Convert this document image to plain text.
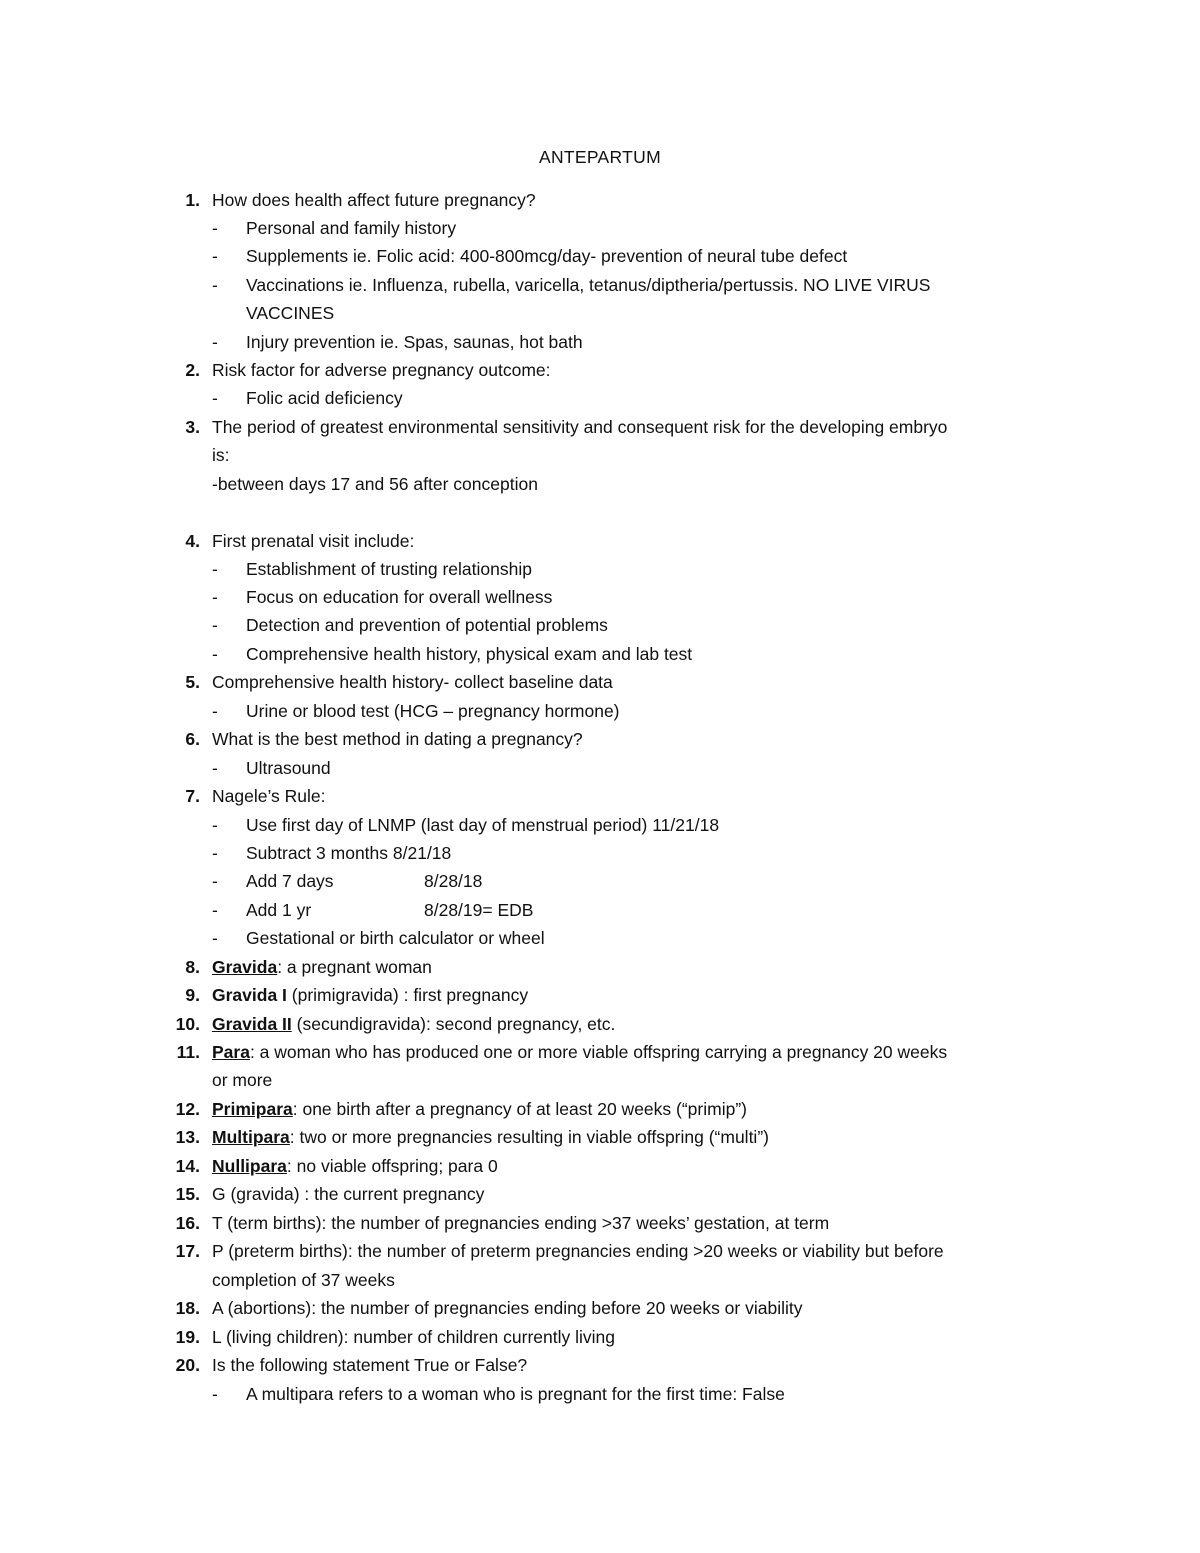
ANTEPARTUM
1. How does health affect future pregnancy?
- Personal and family history
- Supplements ie. Folic acid: 400-800mcg/day- prevention of neural tube defect
- Vaccinations ie. Influenza, rubella, varicella, tetanus/diptheria/pertussis. NO LIVE VIRUS
VACCINES
- Injury prevention ie. Spas, saunas, hot bath
2. Risk factor for adverse pregnancy outcome:
- Folic acid deficiency
3. The period of greatest environmental sensitivity and consequent risk for the developing embryo
is:
-between days 17 and 56 after conception
4. First prenatal visit include:
- Establishment of trusting relationship
- Focus on education for overall wellness
- Detection and prevention of potential problems
- Comprehensive health history, physical exam and lab test
5. Comprehensive health history- collect baseline data
- Urine or blood test (HCG – pregnancy hormone)
6. What is the best method in dating a pregnancy?
- Ultrasound
7. Nagele’s Rule:
- Use first day of LNMP (last day of menstrual period) 11/21/18
- Subtract 3 months 8/21/18
- Add 7 days	8/28/18
- Add 1 yr	8/28/19= EDB
- Gestational or birth calculator or wheel
8. Gravida: a pregnant woman
9. Gravida I (primigravida) : first pregnancy
10. Gravida II (secundigravida): second pregnancy, etc.
11. Para: a woman who has produced one or more viable offspring carrying a pregnancy 20 weeks
or more
12. Primipara: one birth after a pregnancy of at least 20 weeks (“primip”)
13. Multipara: two or more pregnancies resulting in viable offspring (“multi”)
14. Nullipara: no viable offspring; para 0
15. G (gravida) : the current pregnancy
16. T (term births): the number of pregnancies ending >37 weeks’ gestation, at term
17. P (preterm births): the number of preterm pregnancies ending >20 weeks or viability but before
completion of 37 weeks
18. A (abortions): the number of pregnancies ending before 20 weeks or viability
19. L (living children): number of children currently living
20. Is the following statement True or False?
- A multipara refers to a woman who is pregnant for the first time: False
